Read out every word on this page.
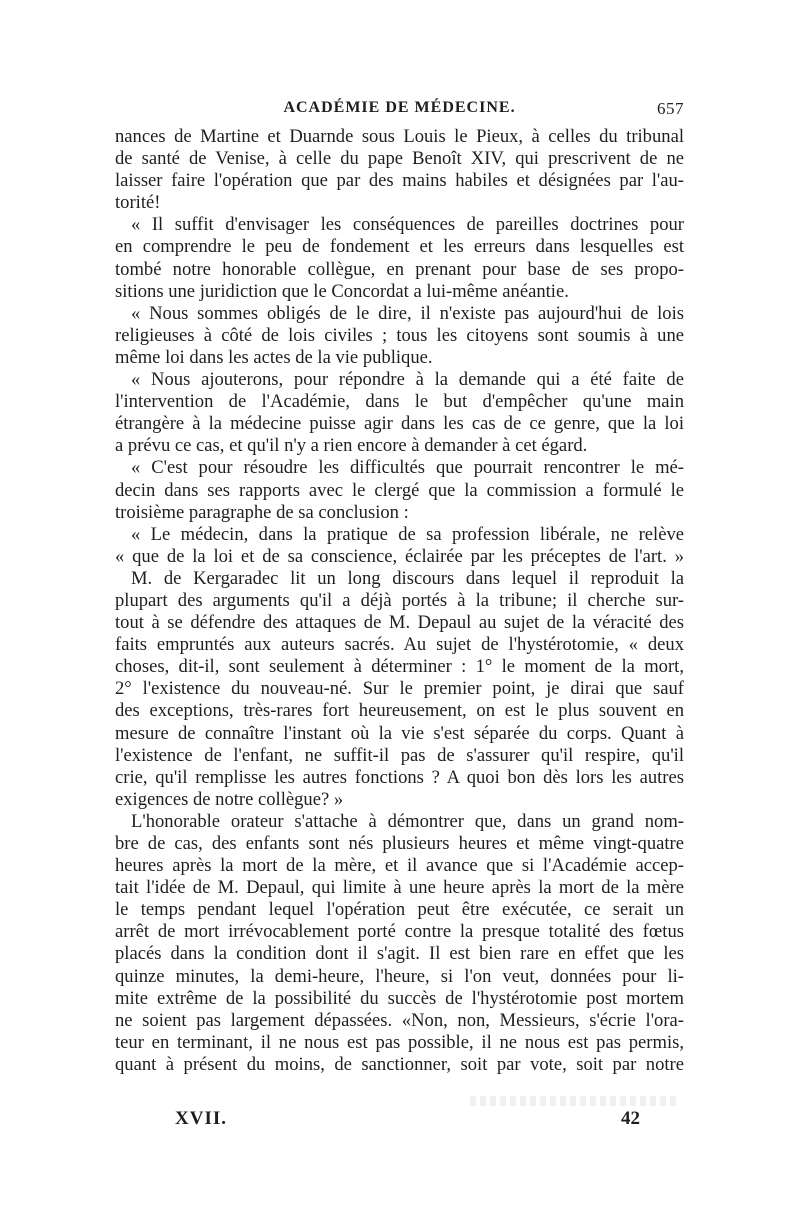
ACADÉMIE DE MÉDECINE.	657
nances de Martine et Duarnde sous Louis le Pieux, à celles du tribunal
de santé de Venise, à celle du pape Benoît XIV, qui prescrivent de ne
laisser faire l'opération que par des mains habiles et désignées par l'au-
torité!
« Il suffit d'envisager les conséquences de pareilles doctrines pour
en comprendre le peu de fondement et les erreurs dans lesquelles est
tombé notre honorable collègue, en prenant pour base de ses propo-
sitions une juridiction que le Concordat a lui-même anéantie.
« Nous sommes obligés de le dire, il n'existe pas aujourd'hui de lois
religieuses à côté de lois civiles ; tous les citoyens sont soumis à une
même loi dans les actes de la vie publique.
« Nous ajouterons, pour répondre à la demande qui a été faite de
l'intervention de l'Académie, dans le but d'empêcher qu'une main
étrangère à la médecine puisse agir dans les cas de ce genre, que la loi
a prévu ce cas, et qu'il n'y a rien encore à demander à cet égard.
« C'est pour résoudre les difficultés que pourrait rencontrer le mé-
decin dans ses rapports avec le clergé que la commission a formulé le
troisième paragraphe de sa conclusion :
« Le médecin, dans la pratique de sa profession libérale, ne relève
« que de la loi et de sa conscience, éclairée par les préceptes de l'art. »
M. de Kergaradec lit un long discours dans lequel il reproduit la
plupart des arguments qu'il a déjà portés à la tribune; il cherche sur-
tout à se défendre des attaques de M. Depaul au sujet de la véracité des
faits empruntés aux auteurs sacrés. Au sujet de l'hystérotomie, « deux
choses, dit-il, sont seulement à déterminer : 1° le moment de la mort,
2° l'existence du nouveau-né. Sur le premier point, je dirai que sauf
des exceptions, très-rares fort heureusement, on est le plus souvent en
mesure de connaître l'instant où la vie s'est séparée du corps. Quant à
l'existence de l'enfant, ne suffit-il pas de s'assurer qu'il respire, qu'il
crie, qu'il remplisse les autres fonctions ? A quoi bon dès lors les autres
exigences de notre collègue? »
L'honorable orateur s'attache à démontrer que, dans un grand nom-
bre de cas, des enfants sont nés plusieurs heures et même vingt-quatre
heures après la mort de la mère, et il avance que si l'Académie accep-
tait l'idée de M. Depaul, qui limite à une heure après la mort de la mère
le temps pendant lequel l'opération peut être exécutée, ce serait un
arrêt de mort irrévocablement porté contre la presque totalité des fœtus
placés dans la condition dont il s'agit. Il est bien rare en effet que les
quinze minutes, la demi-heure, l'heure, si l'on veut, données pour li-
mite extrême de la possibilité du succès de l'hystérotomie post mortem
ne soient pas largement dépassées. «Non, non, Messieurs, s'écrie l'ora-
teur en terminant, il ne nous est pas possible, il ne nous est pas permis,
quant à présent du moins, de sanctionner, soit par vote, soit par notre
XVII.	42
